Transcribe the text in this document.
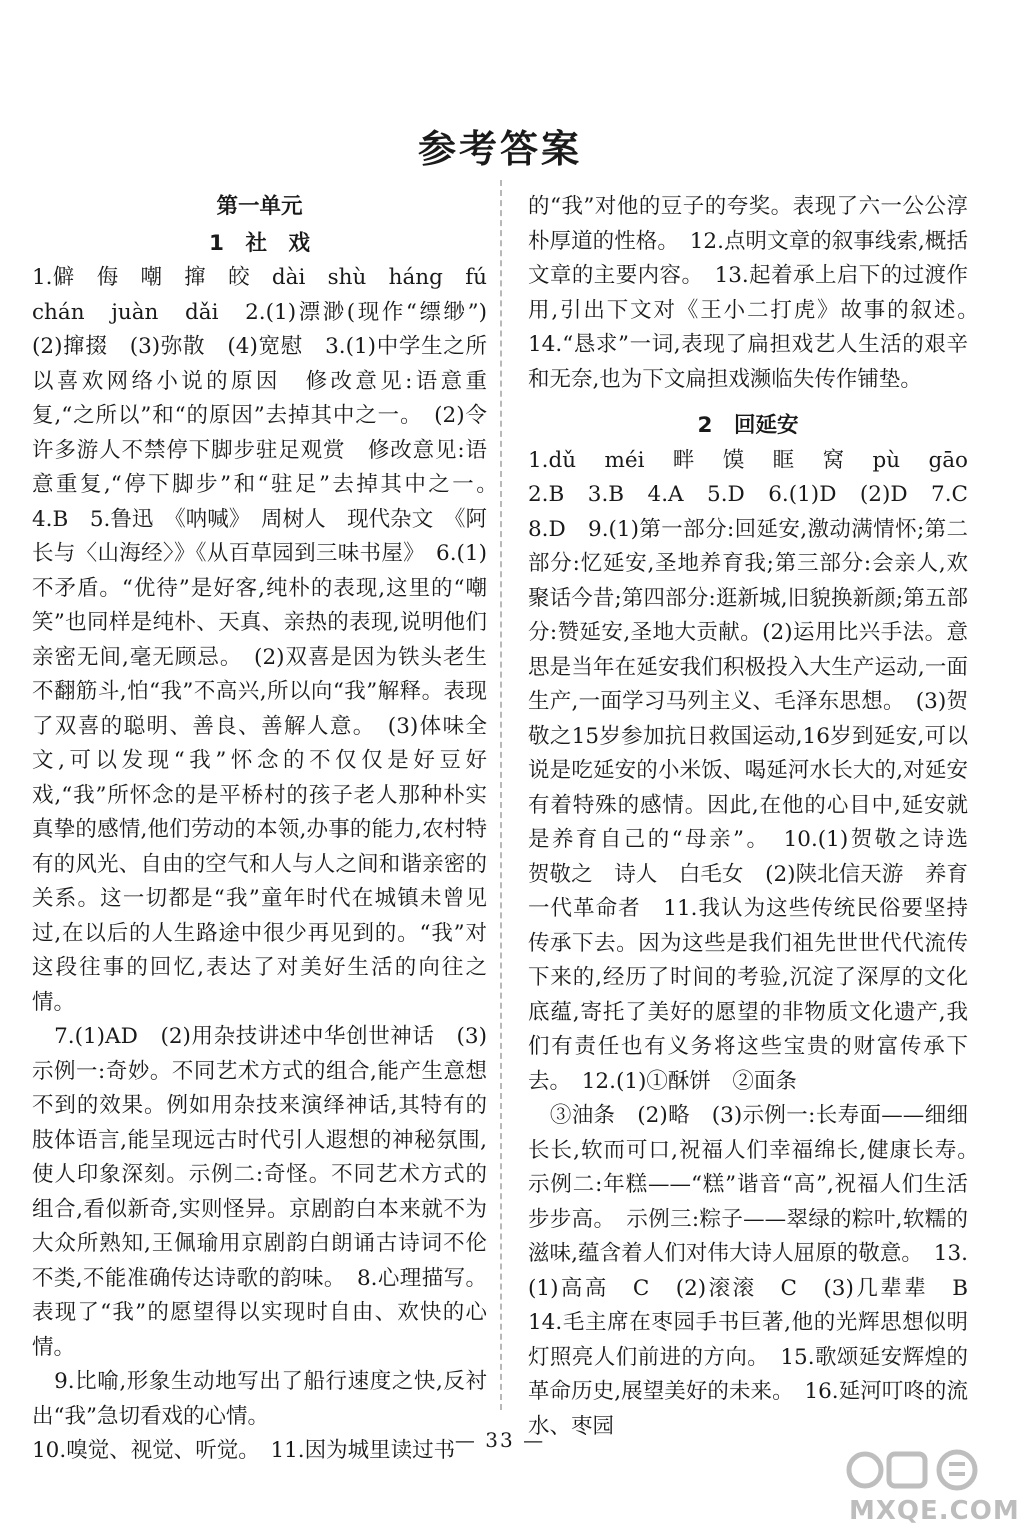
参考答案
第一单元
1　社　戏

1.僻　侮　嘲　撺　皎　dài　shù　háng　fú　chán　juàn　dǎi　2.(1)漂渺(现作“缥缈”)　(2)撺掇　(3)弥散　(4)宽慰　3.(1)中学生之所以喜欢网络小说的原因　修改意见:语意重复,“之所以”和“的原因”去掉其中之一。　(2)令许多游人不禁停下脚步驻足观赏　修改意见:语意重复,“停下脚步”和“驻足”去掉其中之一。　4.B　5.鲁迅　《呐喊》　周树人　现代杂文　《阿长与〈山海经〉》《从百草园到三味书屋》　6.(1)不矛盾。“优待”是好客,纯朴的表现,这里的“嘲笑”也同样是纯朴、天真、亲热的表现,说明他们亲密无间,毫无顾忌。　(2)双喜是因为铁头老生不翻筋斗,怕“我”不高兴,所以向“我”解释。表现了双喜的聪明、善良、善解人意。　(3)体味全文,可以发现“我”怀念的不仅仅是好豆好戏,“我”所怀念的是平桥村的孩子老人那种朴实真挚的感情,他们劳动的本领,办事的能力,农村特有的风光、自由的空气和人与人之间和谐亲密的关系。这一切都是“我”童年时代在城镇未曾见过,在以后的人生路途中很少再见到的。“我”对这段往事的回忆,表达了对美好生活的向往之情。

　7.(1)AD　(2)用杂技讲述中华创世神话　(3)示例一:奇妙。不同艺术方式的组合,能产生意想不到的效果。例如用杂技来演绎神话,其特有的肢体语言,能呈现远古时代引人遐想的神秘氛围,使人印象深刻。示例二:奇怪。不同艺术方式的组合,看似新奇,实则怪异。京剧韵白本来就不为大众所熟知,王佩瑜用京剧韵白朗诵古诗词不伦不类,不能准确传达诗歌的韵味。　8.心理描写。表现了“我”的愿望得以实现时自由、欢快的心情。

　9.比喻,形象生动地写出了船行速度之快,反衬出“我”急切看戏的心情。

10.嗅觉、视觉、听觉。　11.因为城里读过书

的“我”对他的豆子的夸奖。表现了六一公公淳朴厚道的性格。　12.点明文章的叙事线索,概括文章的主要内容。　13.起着承上启下的过渡作用,引出下文对《王小二打虎》故事的叙述。　14.“恳求”一词,表现了扁担戏艺人生活的艰辛和无奈,也为下文扁担戏濒临失传作铺垫。

2　回延安

1.dǔ　méi　畔　馍　眶　窝　pù　gāo　2.B　3.B　4.A　5.D　6.(1)D　(2)D　7.C　8.D　9.(1)第一部分:回延安,激动满情怀;第二部分:忆延安,圣地养育我;第三部分:会亲人,欢聚话今昔;第四部分:逛新城,旧貌换新颜;第五部分:赞延安,圣地大贡献。(2)运用比兴手法。意思是当年在延安我们积极投入大生产运动,一面生产,一面学习马列主义、毛泽东思想。　(3)贺敬之15岁参加抗日救国运动,16岁到延安,可以说是吃延安的小米饭、喝延河水长大的,对延安有着特殊的感情。因此,在他的心目中,延安就是养育自己的“母亲”。　10.(1)贺敬之诗选　贺敬之　诗人　白毛女　(2)陕北信天游　养育一代革命者　11.我认为这些传统民俗要坚持传承下去。因为这些是我们祖先世世代代流传下来的,经历了时间的考验,沉淀了深厚的文化底蕴,寄托了美好的愿望的非物质文化遗产,我们有责任也有义务将这些宝贵的财富传承下去。　12.(1)①酥饼　②面条

　③油条　(2)略　(3)示例一:长寿面——细细长长,软而可口,祝福人们幸福绵长,健康长寿。　示例二:年糕——“糕”谐音“高”,祝福人们生活步步高。　示例三:粽子——翠绿的粽叶,软糯的滋味,蕴含着人们对伟大诗人屈原的敬意。　13.(1)高高　C　(2)滚滚　C　(3)几辈辈　B　14.毛主席在枣园手书巨著,他的光辉思想似明灯照亮人们前进的方向。　15.歌颂延安辉煌的革命历史,展望美好的未来。　16.延河叮咚的流水、枣园

— 33 —
MXQE.COM
